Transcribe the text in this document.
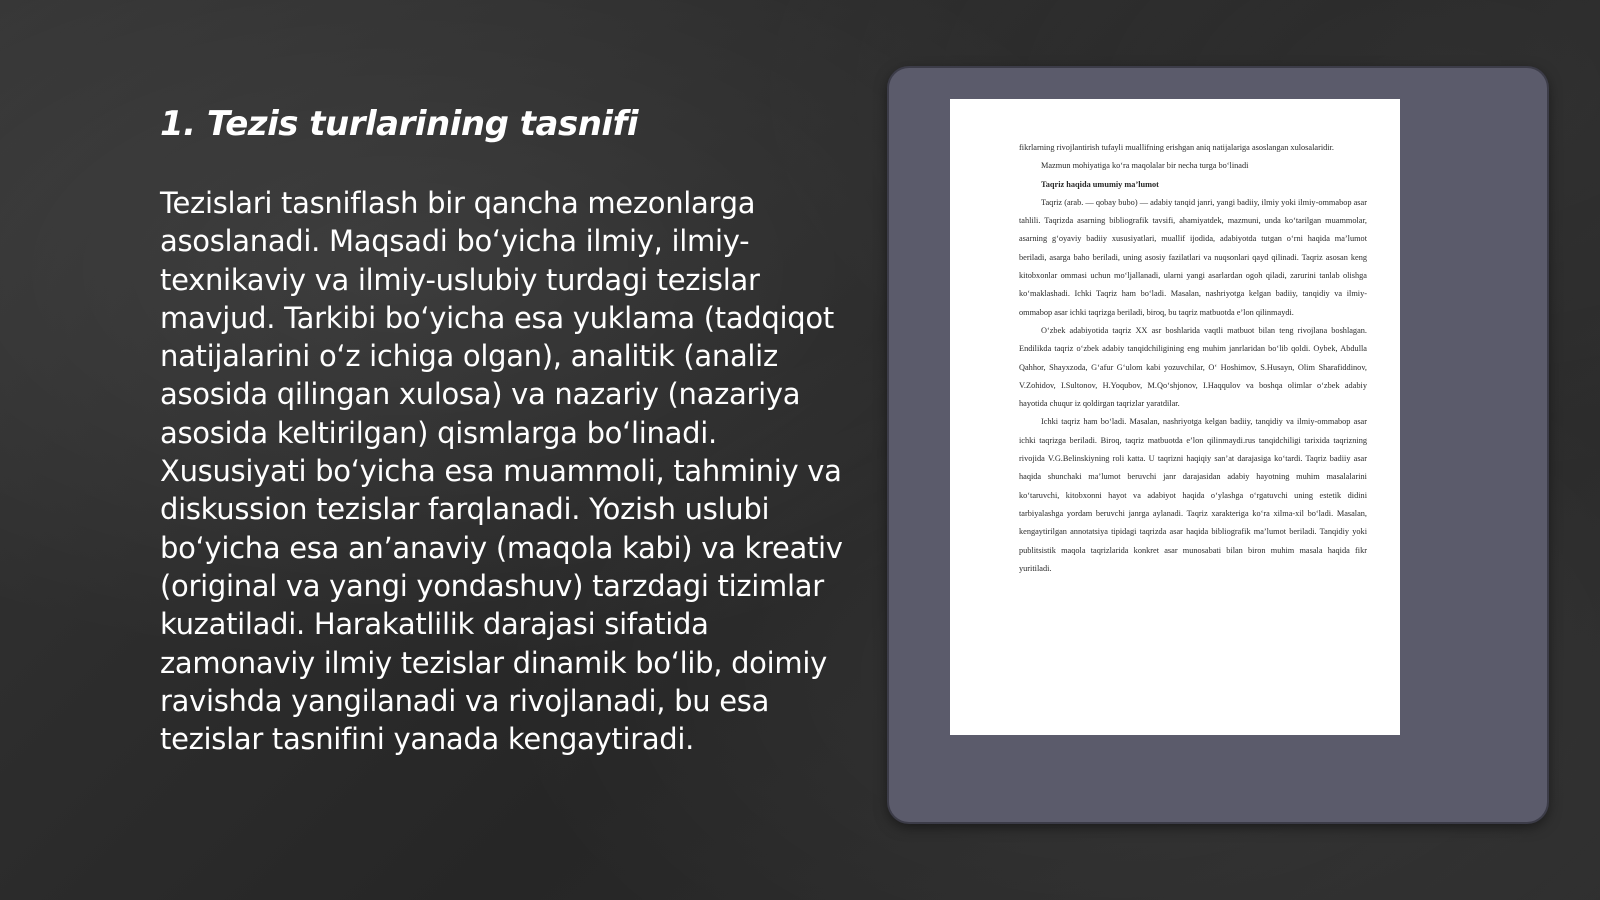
1. Tezis turlarining tasnifi

Tezislari tasniflash bir qancha mezonlarga asoslanadi. Maqsadi bo‘yicha ilmiy, ilmiy-texnikaviy va ilmiy-uslubiy turdagi tezislar mavjud. Tarkibi bo‘yicha esa yuklama (tadqiqot natijalarini o‘z ichiga olgan), analitik (analiz asosida qilingan xulosa) va nazariy (nazariya asosida keltirilgan) qismlarga bo‘linadi. Xususiyati bo‘yicha esa muammoli, tahminiy va diskussion tezislar farqlanadi. Yozish uslubi bo‘yicha esa an’anaviy (maqola kabi) va kreativ (original va yangi yondashuv) tarzdagi tizimlar kuzatiladi. Harakatlilik darajasi sifatida zamonaviy ilmiy tezislar dinamik bo‘lib, doimiy ravishda yangilanadi va rivojlanadi, bu esa tezislar tasnifini yanada kengaytiradi.

fikrlarning rivojlantirish tufayli muallifning erishgan aniq natijalariga asoslangan xulosalaridir.

Mazmun mohiyatiga ko‘ra maqolalar bir necha turga bo‘linadi

Taqriz haqida umumiy ma’lumot

Taqriz (arab. — qobay bubo) — adabiy tanqid janri, yangi badiiy, ilmiy yoki ilmiy-ommabop asar tahlili. Taqrizda asarning bibliografik tavsifi, ahamiyatdek, mazmuni, unda ko‘tarilgan muammolar, asarning g‘oyaviy badiiy xususiyatlari, muallif ijodida, adabiyotda tutgan o‘rni haqida ma’lumot beriladi, asarga baho beriladi, uning asosiy fazilatlari va nuqsonlari qayd qilinadi. Taqriz asosan keng kitobxonlar ommasi uchun mo‘ljallanadi, ularni yangi asarlardan ogoh qiladi, zarurini tanlab olishga ko‘maklashadi. Ichki Taqriz ham bo‘ladi. Masalan, nashriyotga kelgan badiiy, tanqidiy va ilmiy-ommabop asar ichki taqrizga beriladi, biroq, bu taqriz matbuotda e’lon qilinmaydi.

O‘zbek adabiyotida taqriz XX asr boshlarida vaqtli matbuot bilan teng rivojlana boshlagan. Endilikda taqriz o‘zbek adabiy tanqidchiligining eng muhim janrlaridan bo‘lib qoldi. Oybek, Abdulla Qahhor, Shayxzoda, G‘afur G‘ulom kabi yozuvchilar, O‘ Hoshimov, S.Husayn, Olim Sharafiddinov, V.Zohidov, I.Sultonov, H.Yoqubov, M.Qo‘shjonov, I.Haqqulov va boshqa olimlar o‘zbek adabiy hayotida chuqur iz qoldirgan taqrizlar yaratdilar.

Ichki taqriz ham bo‘ladi. Masalan, nashriyotga kelgan badiiy, tanqidiy va ilmiy-ommabop asar ichki taqrizga beriladi. Biroq, taqriz matbuotda e’lon qilinmaydi.rus tanqidchiligi tarixida taqrizning rivojida V.G.Belinskiyning roli katta. U taqrizni haqiqiy san’at darajasiga ko‘tardi. Taqriz badiiy asar haqida shunchaki ma’lumot beruvchi janr darajasidan adabiy hayotning muhim masalalarini ko‘taruvchi, kitobxonni hayot va adabiyot haqida o‘ylashga o‘rgatuvchi uning estetik didini tarbiyalashga yordam beruvchi janrga aylanadi. Taqriz xarakteriga ko‘ra xilma-xil bo‘ladi. Masalan, kengaytirilgan annotatsiya tipidagi taqrizda asar haqida bibliografik ma’lumot beriladi. Tanqidiy yoki publitsistik maqola taqrizlarida konkret asar munosabati bilan biron muhim masala haqida fikr yuritiladi.
